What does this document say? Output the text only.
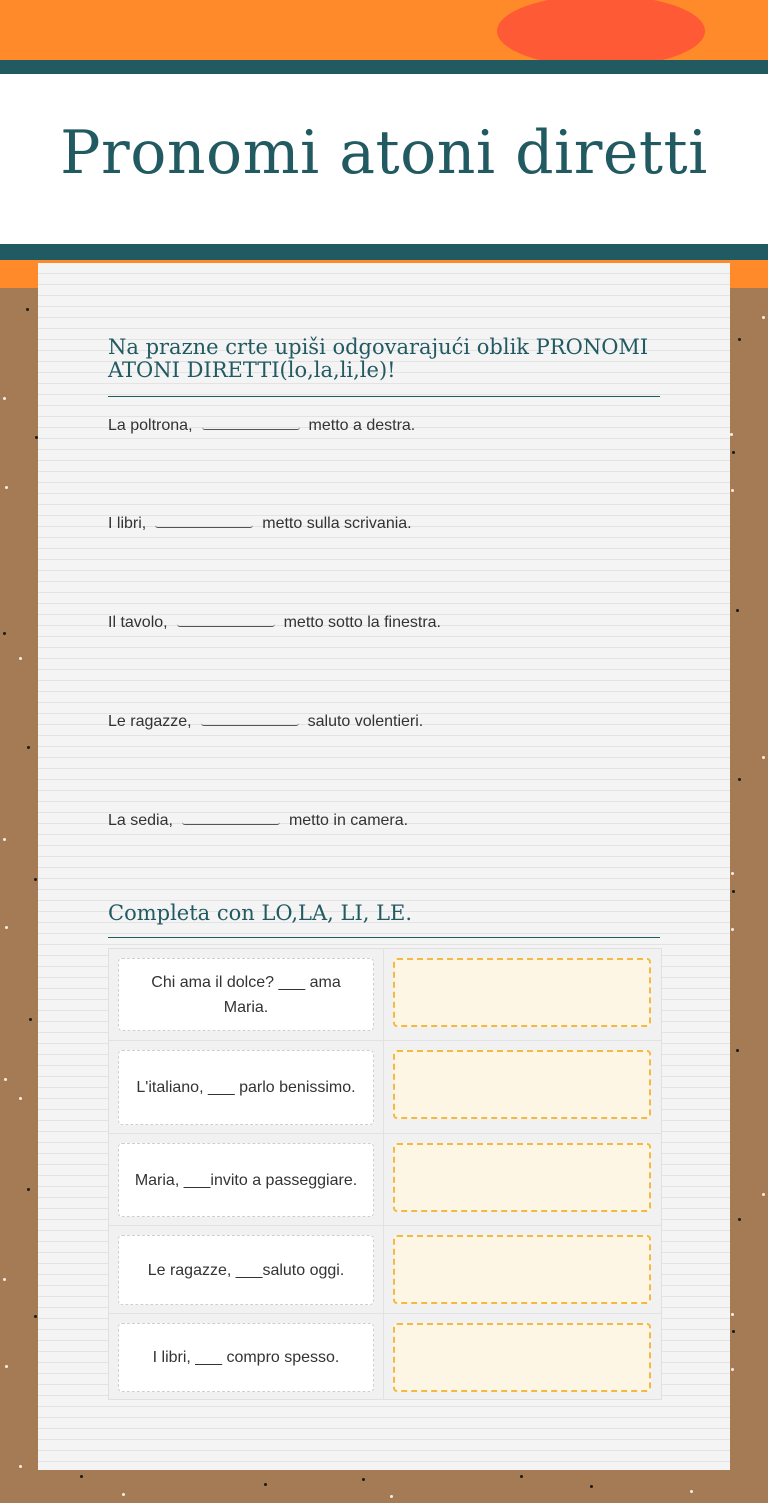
Pronomi atoni diretti
Na prazne crte upiši odgovarajući oblik PRONOMI ATONI DIRETTI(lo,la,li,le)!
La poltrona,	metto a destra.
I libri,	metto sulla scrivania.
Il tavolo,	metto sotto la finestra.
Le ragazze,	saluto volentieri.
La sedia,	metto in camera.
Completa con LO,LA, LI, LE.
Chi ama il dolce? ___ ama Maria.
L'italiano, ___ parlo benissimo.
Maria, ___invito a passeggiare.
Le ragazze, ___saluto oggi.
I libri, ___ compro spesso.
